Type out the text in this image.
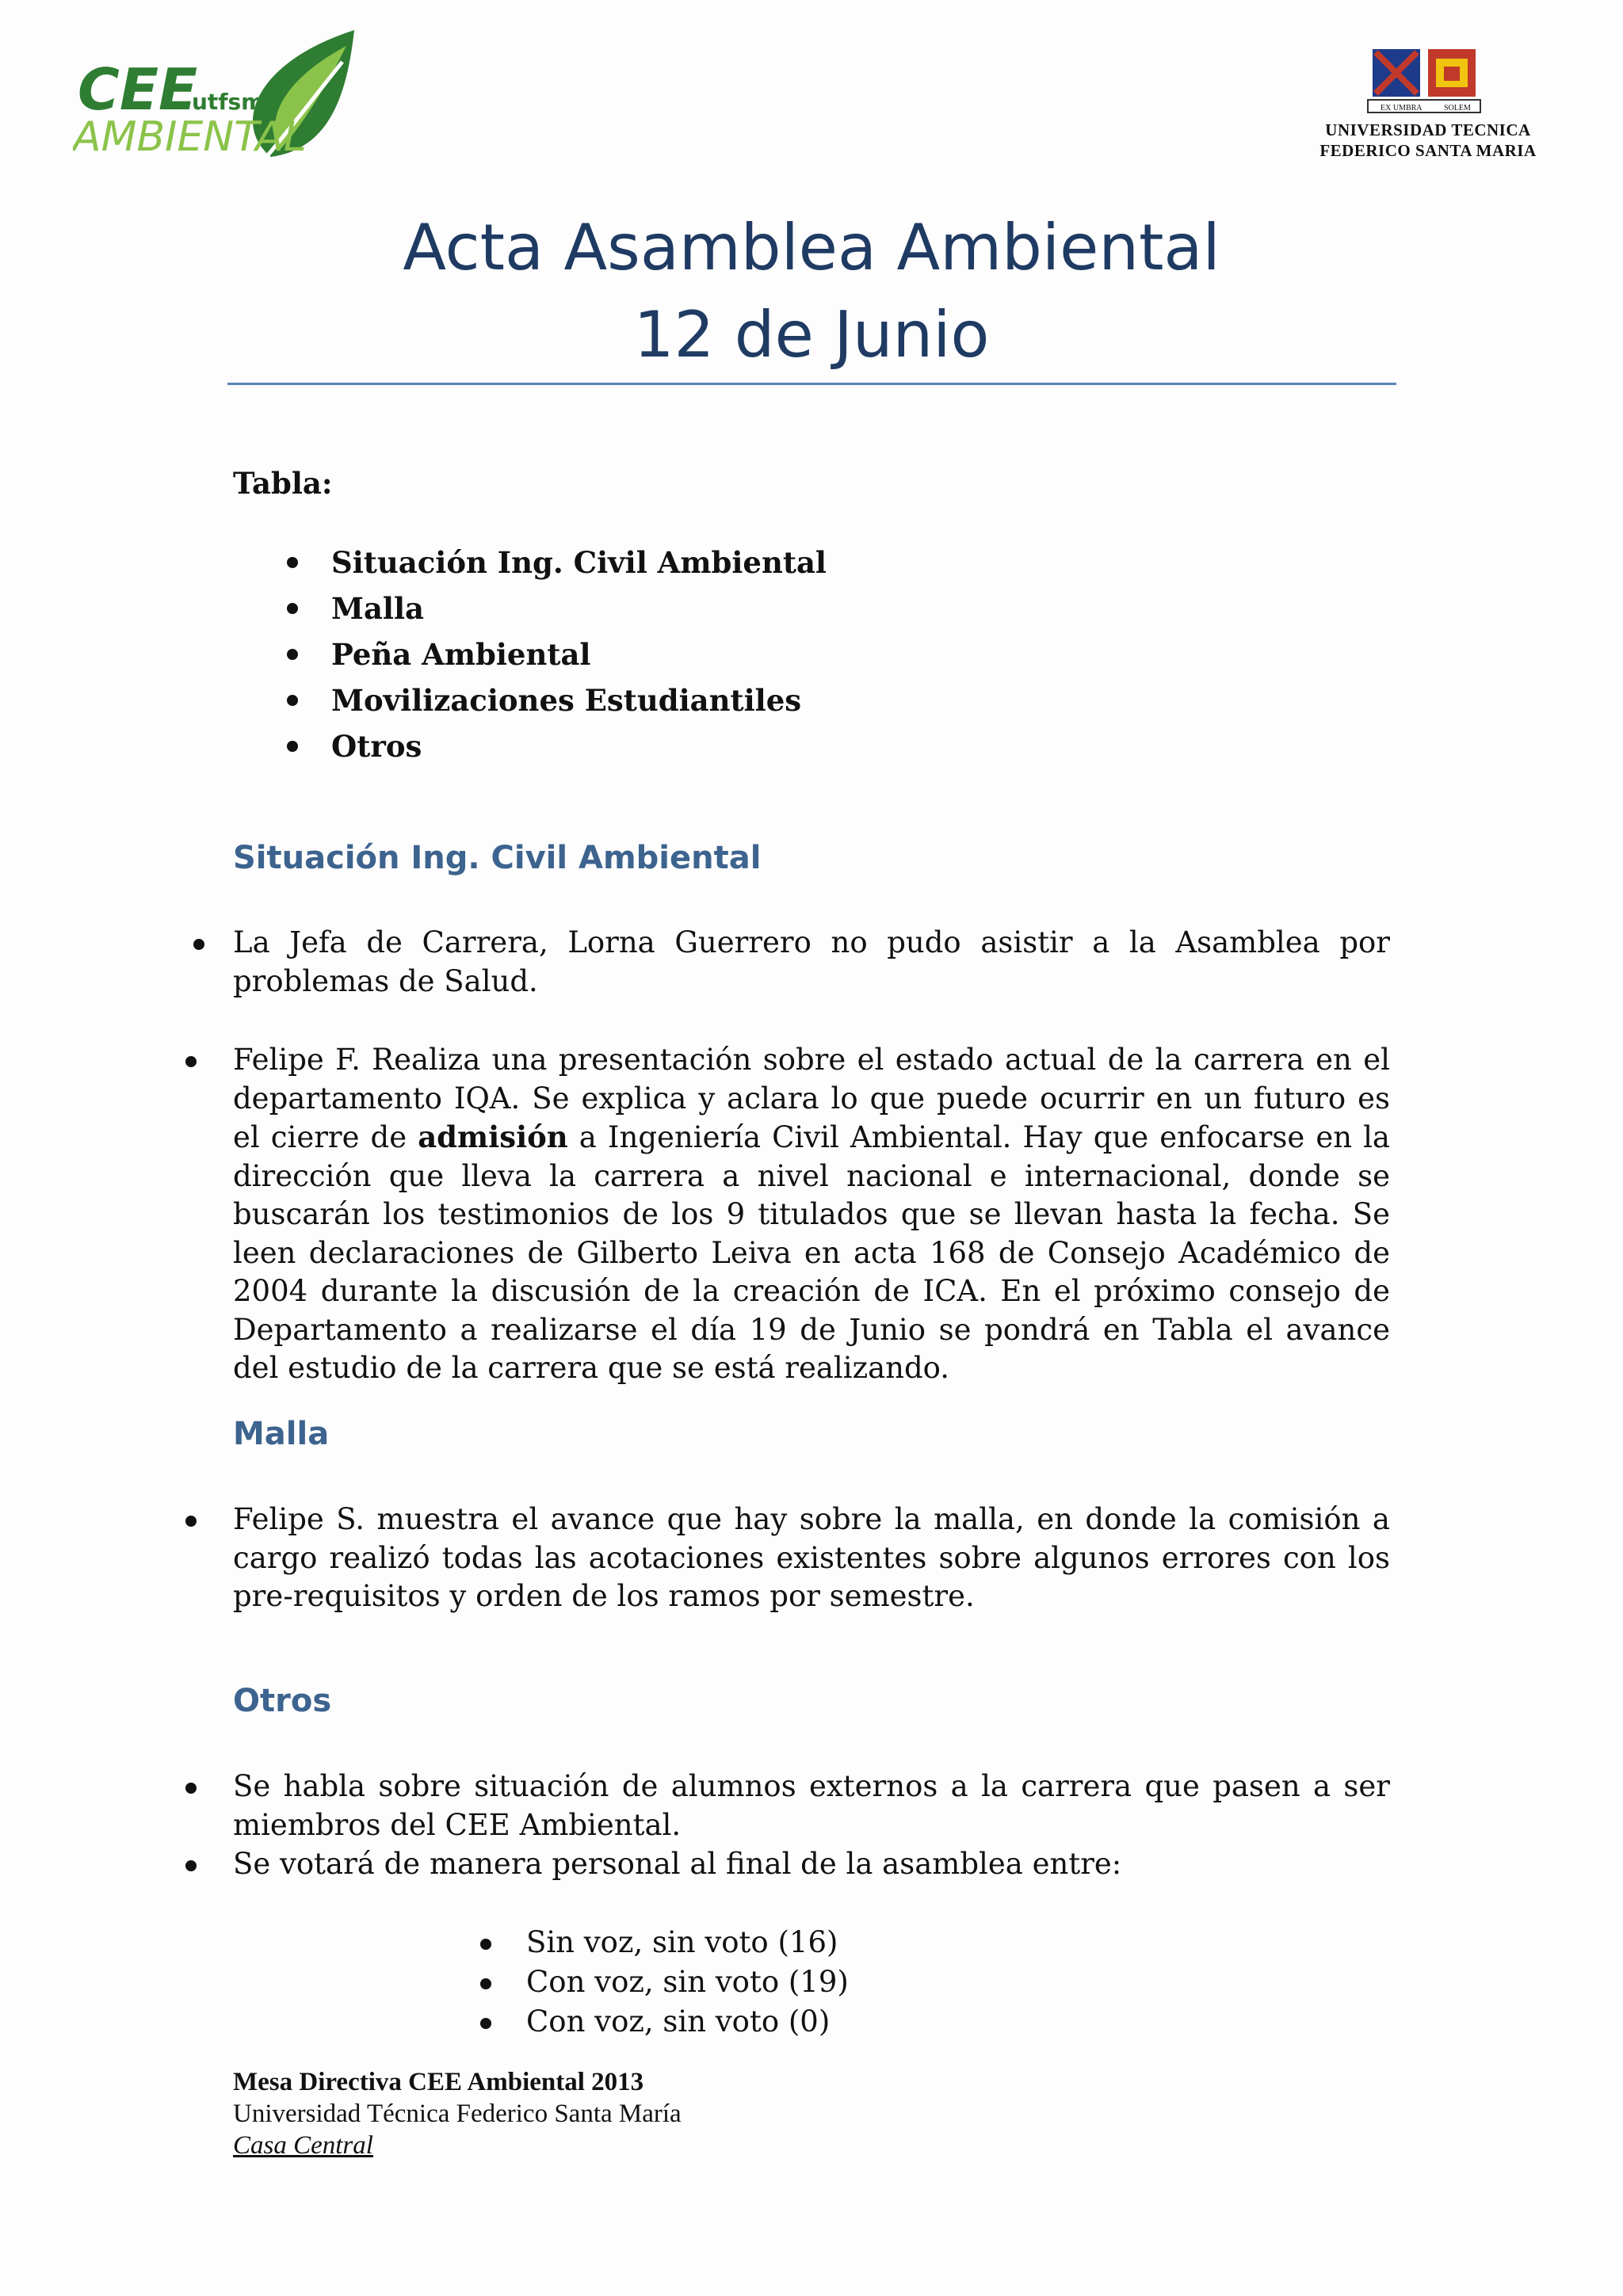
CEE
utfsm
AMBIENTAL
EX UMBRA	SOLEM
UNIVERSIDAD TECNICA
FEDERICO SANTA MARIA
Acta Asamblea Ambiental
12 de Junio
Tabla:
Situación Ing. Civil Ambiental
Malla
Peña Ambiental
Movilizaciones Estudiantiles
Otros
Situación Ing. Civil Ambiental
La Jefa de Carrera, Lorna Guerrero no pudo asistir a la Asamblea por problemas de Salud.
Felipe F. Realiza una presentación sobre el estado actual de la carrera en el departamento IQA. Se explica y aclara lo que puede ocurrir en un futuro es el cierre de admisión a Ingeniería Civil Ambiental. Hay que enfocarse en la dirección que lleva la carrera a nivel nacional e internacional, donde se buscarán los testimonios de los 9 titulados que se llevan hasta la fecha. Se leen declaraciones de Gilberto Leiva en acta 168 de Consejo Académico de 2004 durante la discusión de la creación de ICA. En el próximo consejo de Departamento a realizarse el día 19 de Junio se pondrá en Tabla el avance del estudio de la carrera que se está realizando.
Malla
Felipe S. muestra el avance que hay sobre la malla, en donde la comisión a cargo realizó todas las acotaciones existentes sobre algunos errores con los pre-requisitos y orden de los ramos por semestre.
Otros
Se habla sobre situación de alumnos externos a la carrera que pasen a ser miembros del CEE Ambiental.
Se votará de manera personal al final de la asamblea entre:
Sin voz, sin voto (16)
Con voz, sin voto (19)
Con voz, sin voto (0)
Mesa Directiva CEE Ambiental 2013
Universidad Técnica Federico Santa María
Casa Central
